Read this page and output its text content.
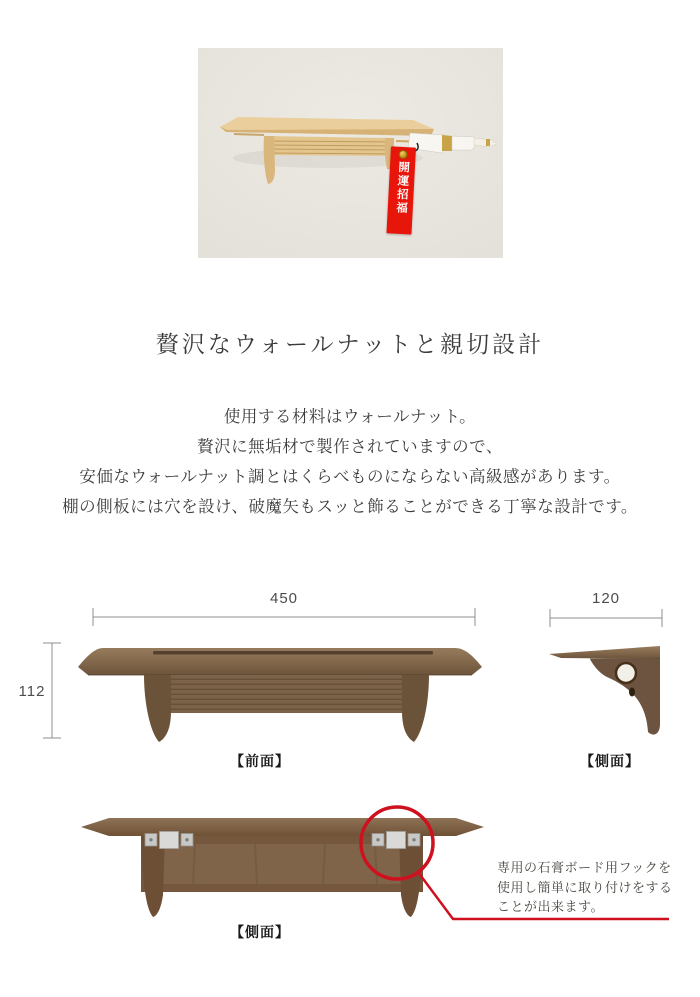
開運招福
贅沢なウォールナットと親切設計
使用する材料はウォールナット。
贅沢に無垢材で製作されていますので、
安価なウォールナット調とはくらべものにならない高級感があります。
棚の側板には穴を設け、破魔矢もスッと飾ることができる丁寧な設計です。
450
112
【前面】
120
【側面】
【側面】
専用の石膏ボード用フックを
使用し簡単に取り付けをする
ことが出来ます。
